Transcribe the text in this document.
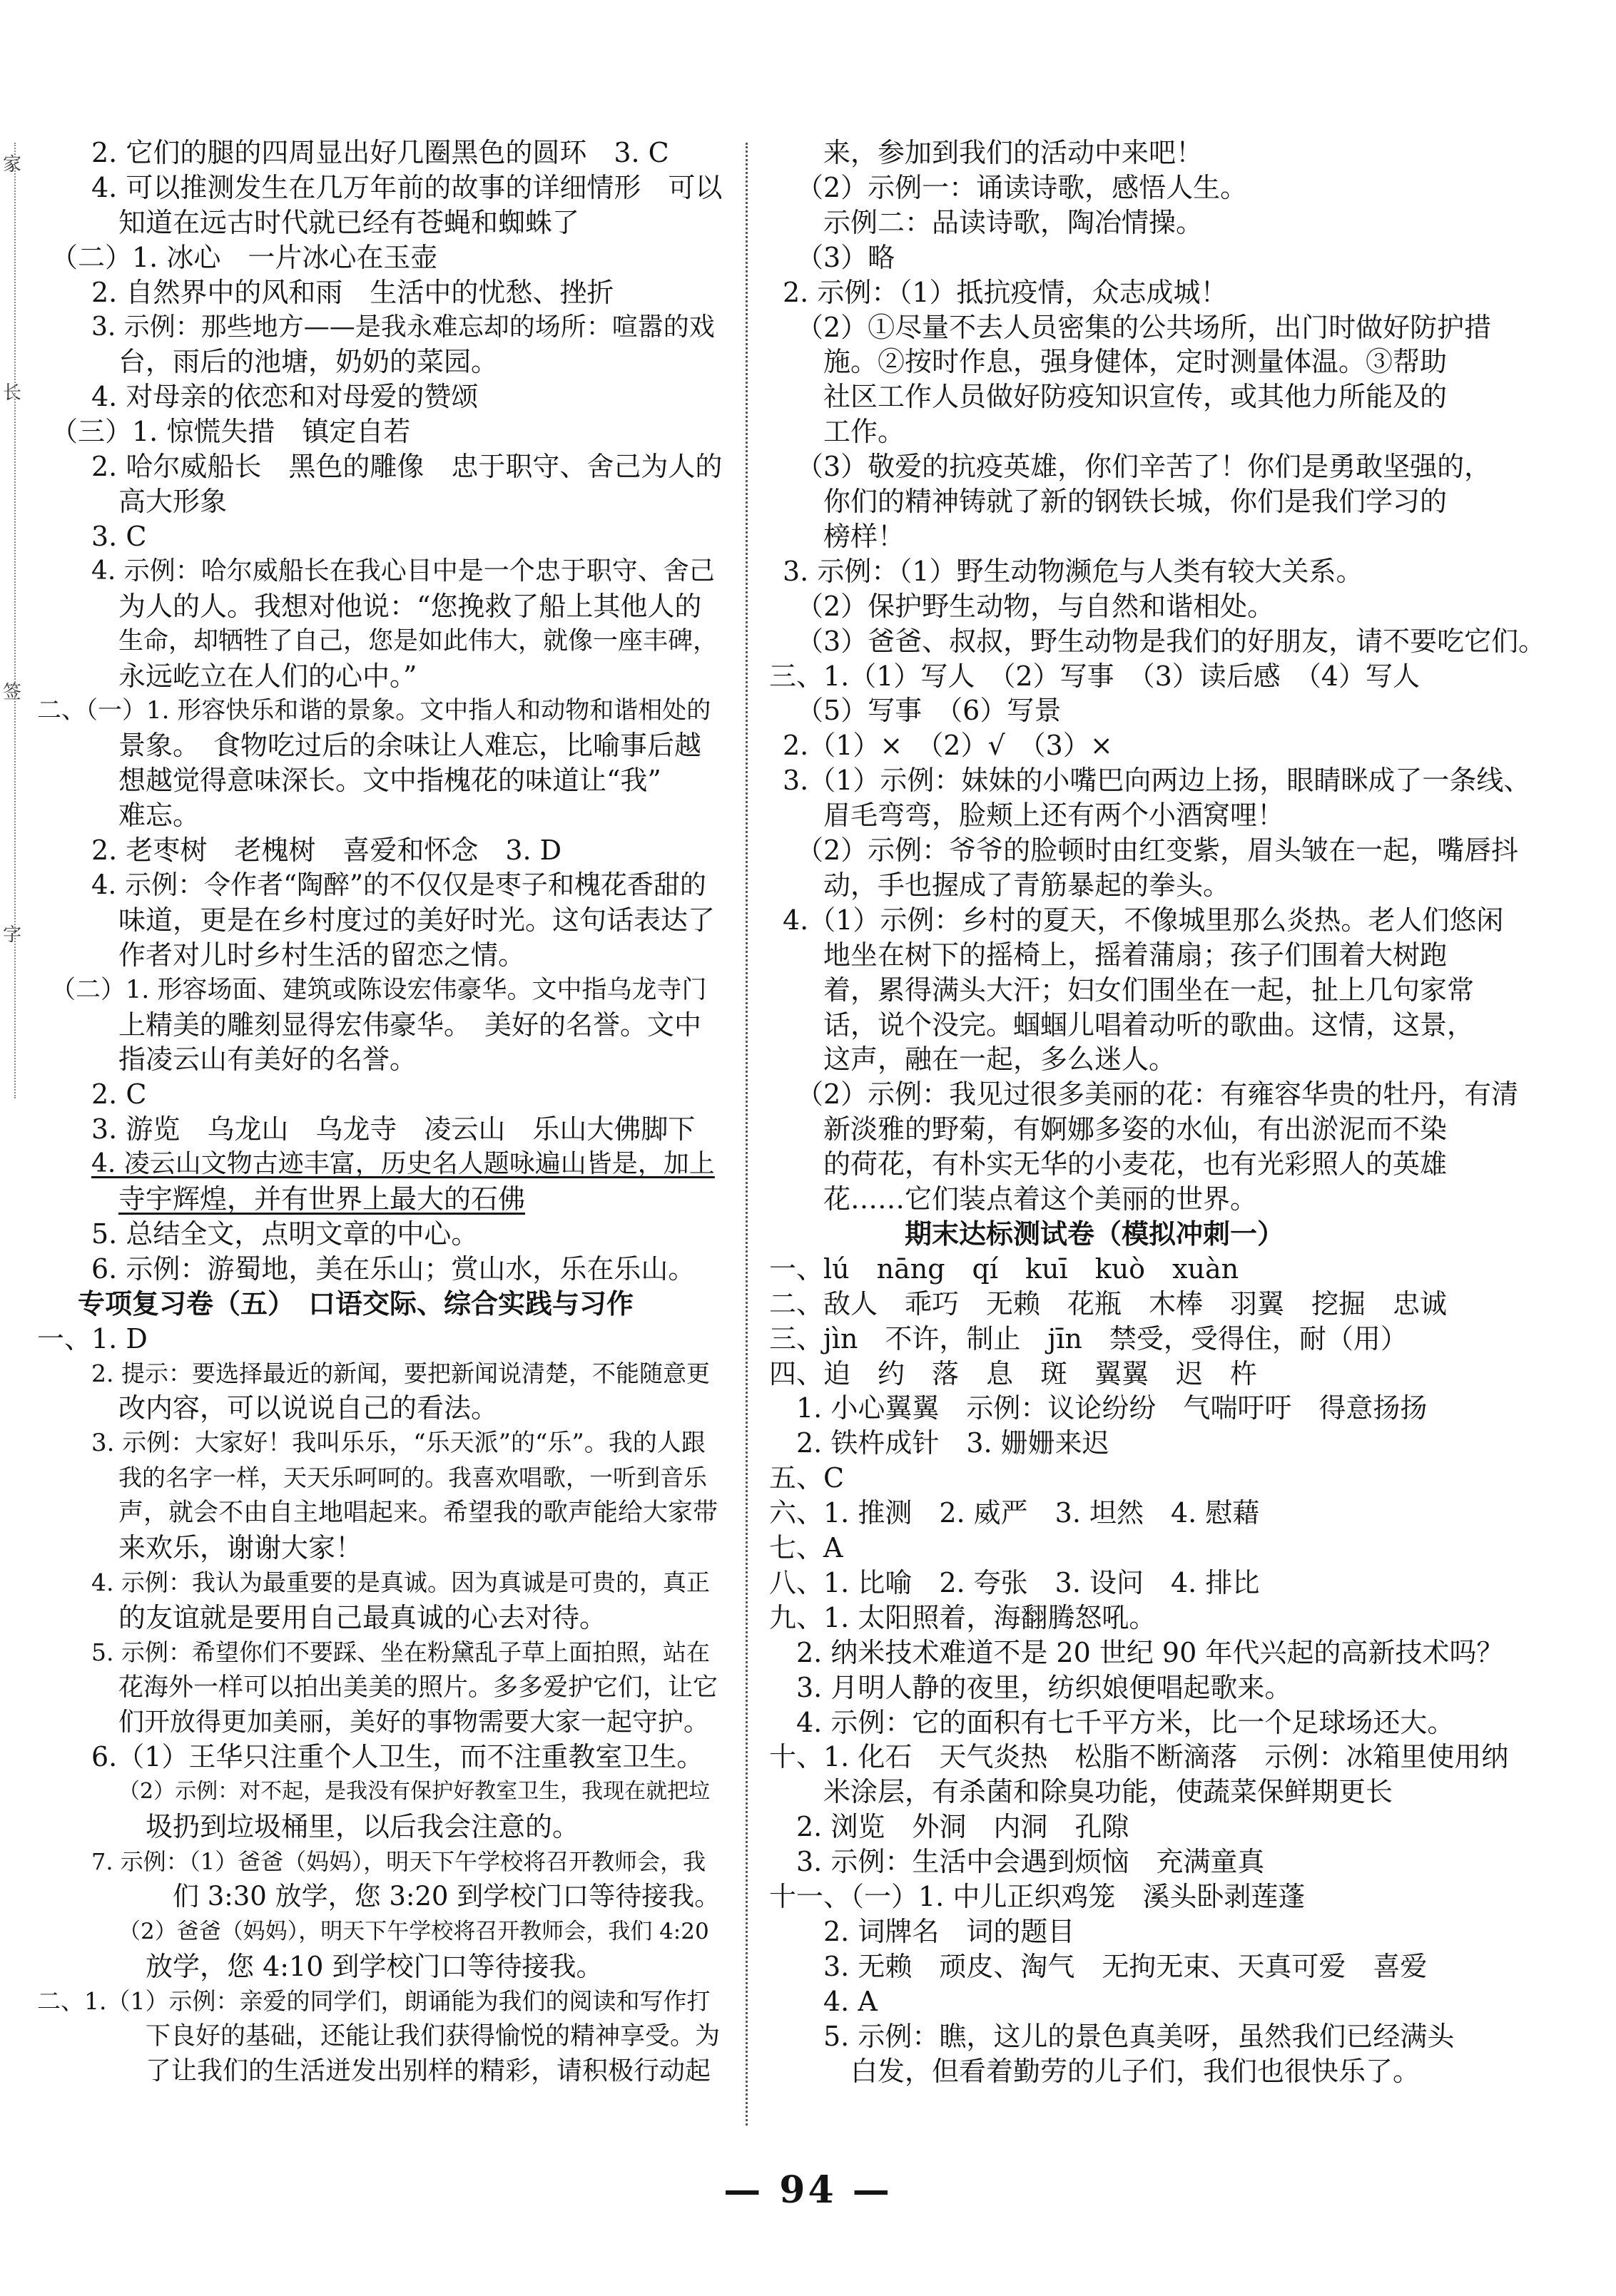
家
长
签
字
2. 它们的腿的四周显出好几圈黑色的圆环　3. C
4. 可以推测发生在几万年前的故事的详细情形　可以
知道在远古时代就已经有苍蝇和蜘蛛了
（二）1. 冰心　一片冰心在玉壶
2. 自然界中的风和雨　生活中的忧愁、挫折
3. 示例：那些地方——是我永难忘却的场所：喧嚣的戏
台，雨后的池塘，奶奶的菜园。
4. 对母亲的依恋和对母爱的赞颂
（三）1. 惊慌失措　镇定自若
2. 哈尔威船长　黑色的雕像　忠于职守、舍己为人的
高大形象
3. C
4. 示例：哈尔威船长在我心目中是一个忠于职守、舍己
为人的人。我想对他说：“您挽救了船上其他人的
生命，却牺牲了自己，您是如此伟大，就像一座丰碑，
永远屹立在人们的心中。”
二、（一）1. 形容快乐和谐的景象。文中指人和动物和谐相处的
景象。　食物吃过后的余味让人难忘，比喻事后越
想越觉得意味深长。文中指槐花的味道让“我”
难忘。
2. 老枣树　老槐树　喜爱和怀念　3. D
4. 示例：令作者“陶醉”的不仅仅是枣子和槐花香甜的
味道，更是在乡村度过的美好时光。这句话表达了
作者对儿时乡村生活的留恋之情。
（二）1. 形容场面、建筑或陈设宏伟豪华。文中指乌龙寺门
上精美的雕刻显得宏伟豪华。　美好的名誉。文中
指凌云山有美好的名誉。
2. C
3. 游览　乌龙山　乌龙寺　凌云山　乐山大佛脚下
4. 凌云山文物古迹丰富，历史名人题咏遍山皆是，加上
寺宇辉煌，并有世界上最大的石佛
5. 总结全文，点明文章的中心。
6. 示例：游蜀地，美在乐山；赏山水，乐在乐山。
专项复习卷（五）　口语交际、综合实践与习作
一、1. D
2. 提示：要选择最近的新闻，要把新闻说清楚，不能随意更
改内容，可以说说自己的看法。
3. 示例：大家好！我叫乐乐，“乐天派”的“乐”。我的人跟
我的名字一样，天天乐呵呵的。我喜欢唱歌，一听到音乐
声，就会不由自主地唱起来。希望我的歌声能给大家带
来欢乐，谢谢大家！
4. 示例：我认为最重要的是真诚。因为真诚是可贵的，真正
的友谊就是要用自己最真诚的心去对待。
5. 示例：希望你们不要踩、坐在粉黛乱子草上面拍照，站在
花海外一样可以拍出美美的照片。多多爱护它们，让它
们开放得更加美丽，美好的事物需要大家一起守护。
6.（1）王华只注重个人卫生，而不注重教室卫生。
（2）示例：对不起，是我没有保护好教室卫生，我现在就把垃
圾扔到垃圾桶里，以后我会注意的。
7. 示例：（1）爸爸（妈妈），明天下午学校将召开教师会，我
们 3:30 放学，您 3:20 到学校门口等待接我。
（2）爸爸（妈妈），明天下午学校将召开教师会，我们 4:20
放学，您 4:10 到学校门口等待接我。
二、1.（1）示例：亲爱的同学们，朗诵能为我们的阅读和写作打
下良好的基础，还能让我们获得愉悦的精神享受。为
了让我们的生活迸发出别样的精彩，请积极行动起
来，参加到我们的活动中来吧！
（2）示例一：诵读诗歌，感悟人生。
示例二：品读诗歌，陶冶情操。
（3）略
2. 示例：（1）抵抗疫情，众志成城！
（2）①尽量不去人员密集的公共场所，出门时做好防护措
施。②按时作息，强身健体，定时测量体温。③帮助
社区工作人员做好防疫知识宣传，或其他力所能及的
工作。
（3）敬爱的抗疫英雄，你们辛苦了！你们是勇敢坚强的，
你们的精神铸就了新的钢铁长城，你们是我们学习的
榜样！
3. 示例：（1）野生动物濒危与人类有较大关系。
（2）保护野生动物，与自然和谐相处。
（3）爸爸、叔叔，野生动物是我们的好朋友，请不要吃它们。
三、1.（1）写人　（2）写事　（3）读后感　（4）写人
（5）写事　（6）写景
2.（1）×　（2）√　（3）×
3.（1）示例：妹妹的小嘴巴向两边上扬，眼睛眯成了一条线、
眉毛弯弯，脸颊上还有两个小酒窝哩！
（2）示例：爷爷的脸顿时由红变紫，眉头皱在一起，嘴唇抖
动，手也握成了青筋暴起的拳头。
4.（1）示例：乡村的夏天，不像城里那么炎热。老人们悠闲
地坐在树下的摇椅上，摇着蒲扇；孩子们围着大树跑
着，累得满头大汗；妇女们围坐在一起，扯上几句家常
话，说个没完。蝈蝈儿唱着动听的歌曲。这情，这景，
这声，融在一起，多么迷人。
（2）示例：我见过很多美丽的花：有雍容华贵的牡丹，有清
新淡雅的野菊，有婀娜多姿的水仙，有出淤泥而不染
的荷花，有朴实无华的小麦花，也有光彩照人的英雄
花……它们装点着这个美丽的世界。
期末达标测试卷（模拟冲刺一）
一、lú　nāng　qí　kuī　kuò　xuàn
二、敌人　乖巧　无赖　花瓶　木棒　羽翼　挖掘　忠诚
三、jìn　不许，制止　jīn　禁受，受得住，耐（用）
四、迫　约　落　息　斑　翼翼　迟　杵
1. 小心翼翼　示例：议论纷纷　气喘吁吁　得意扬扬
2. 铁杵成针　3. 姗姗来迟
五、C
六、1. 推测　2. 威严　3. 坦然　4. 慰藉
七、A
八、1. 比喻　2. 夸张　3. 设问　4. 排比
九、1. 太阳照着，海翻腾怒吼。
2. 纳米技术难道不是 20 世纪 90 年代兴起的高新技术吗？
3. 月明人静的夜里，纺织娘便唱起歌来。
4. 示例：它的面积有七千平方米，比一个足球场还大。
十、1. 化石　天气炎热　松脂不断滴落　示例：冰箱里使用纳
米涂层，有杀菌和除臭功能，使蔬菜保鲜期更长
2. 浏览　外洞　内洞　孔隙
3. 示例：生活中会遇到烦恼　充满童真
十一、（一）1. 中儿正织鸡笼　溪头卧剥莲蓬
2. 词牌名　词的题目
3. 无赖　顽皮、淘气　无拘无束、天真可爱　喜爱
4. A
5. 示例：瞧，这儿的景色真美呀，虽然我们已经满头
白发，但看着勤劳的儿子们，我们也很快乐了。
— 94 —
